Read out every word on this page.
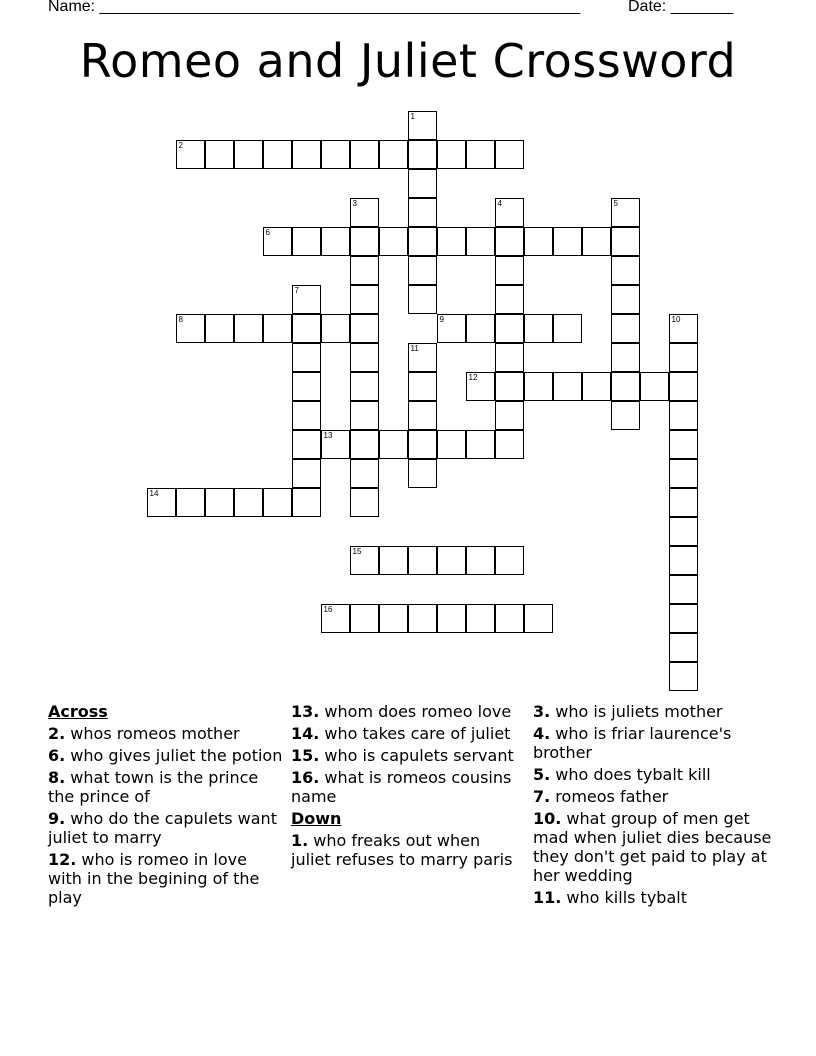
Name: ______________________________________________________	Date: _______
Romeo and Juliet Crossword
1
2
3	4	5
6
7
8	9	10
11
12
13
14
15
16
Across

2. whos romeos mother

6. who gives juliet the potion

8. what town is the prince the prince of

9. who do the capulets want juliet to marry

12. who is romeo in love with in the begining of the play

13. whom does romeo love

14. who takes care of juliet

15. who is capulets servant

16. what is romeos cousins name

Down

1. who freaks out when juliet refuses to marry paris

3. who is juliets mother

4. who is friar laurence's brother

5. who does tybalt kill

7. romeos father

10. what group of men get mad when juliet dies because they don't get paid to play at her wedding

11. who kills tybalt
